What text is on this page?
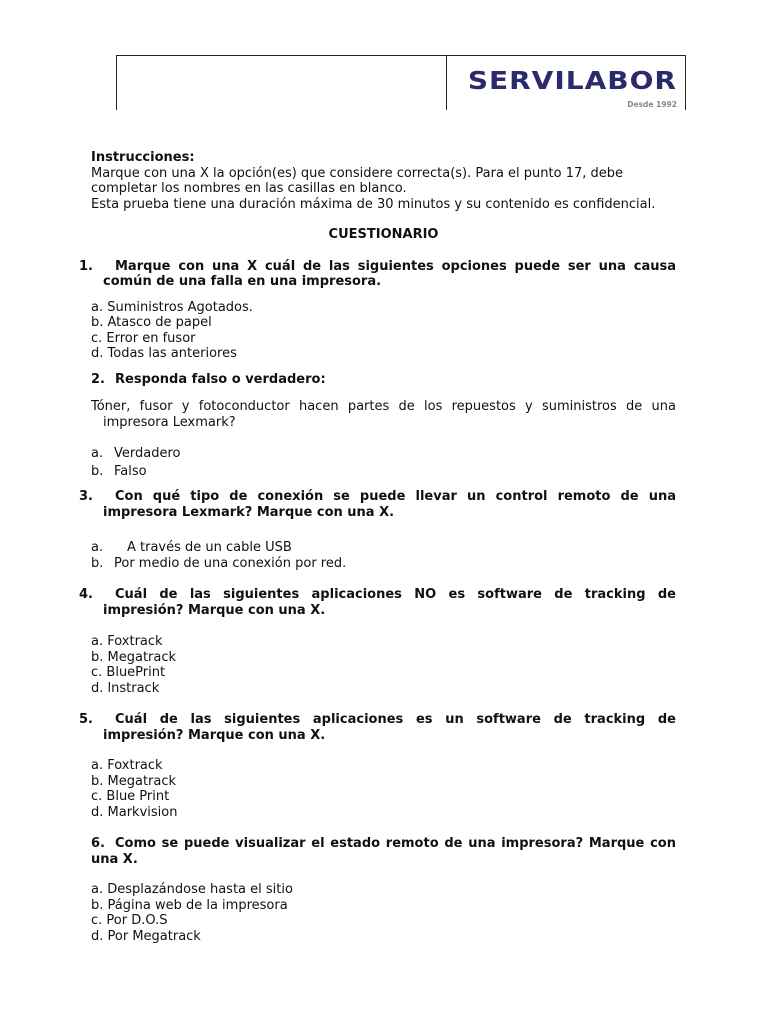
SERVILABOR
Desde 1992

Instrucciones:

Marque con una X la opción(es) que considere correcta(s). Para el punto 17, debe completar los nombres en las casillas en blanco.

Esta prueba tiene una duración máxima de 30 minutos y su contenido es confidencial.

CUESTIONARIO

1. Marque con una X cuál de las siguientes opciones puede ser una causa común de una falla en una impresora.

a. Suministros Agotados.

b. Atasco de papel

c. Error en fusor

d. Todas las anteriores

2. Responda falso o verdadero:

Tóner, fusor y fotoconductor hacen partes de los repuestos y suministros de una impresora Lexmark?

a. Verdadero

b. Falso

3. Con qué tipo de conexión se puede llevar un control remoto de una impresora Lexmark? Marque con una X.

a. A través de un cable USB

b. Por medio de una conexión por red.

4. Cuál de las siguientes aplicaciones NO es software de tracking de impresión? Marque con una X.

a. Foxtrack

b. Megatrack

c. BluePrint

d. lnstrack

5. Cuál de las siguientes aplicaciones es un software de tracking de impresión? Marque con una X.

a. Foxtrack

b. Megatrack

c. Blue Print

d. Markvision

6. Como se puede visualizar el estado remoto de una impresora? Marque con una X.

a. Desplazándose hasta el sitio

b. Página web de la impresora

c. Por D.O.S

d. Por Megatrack
